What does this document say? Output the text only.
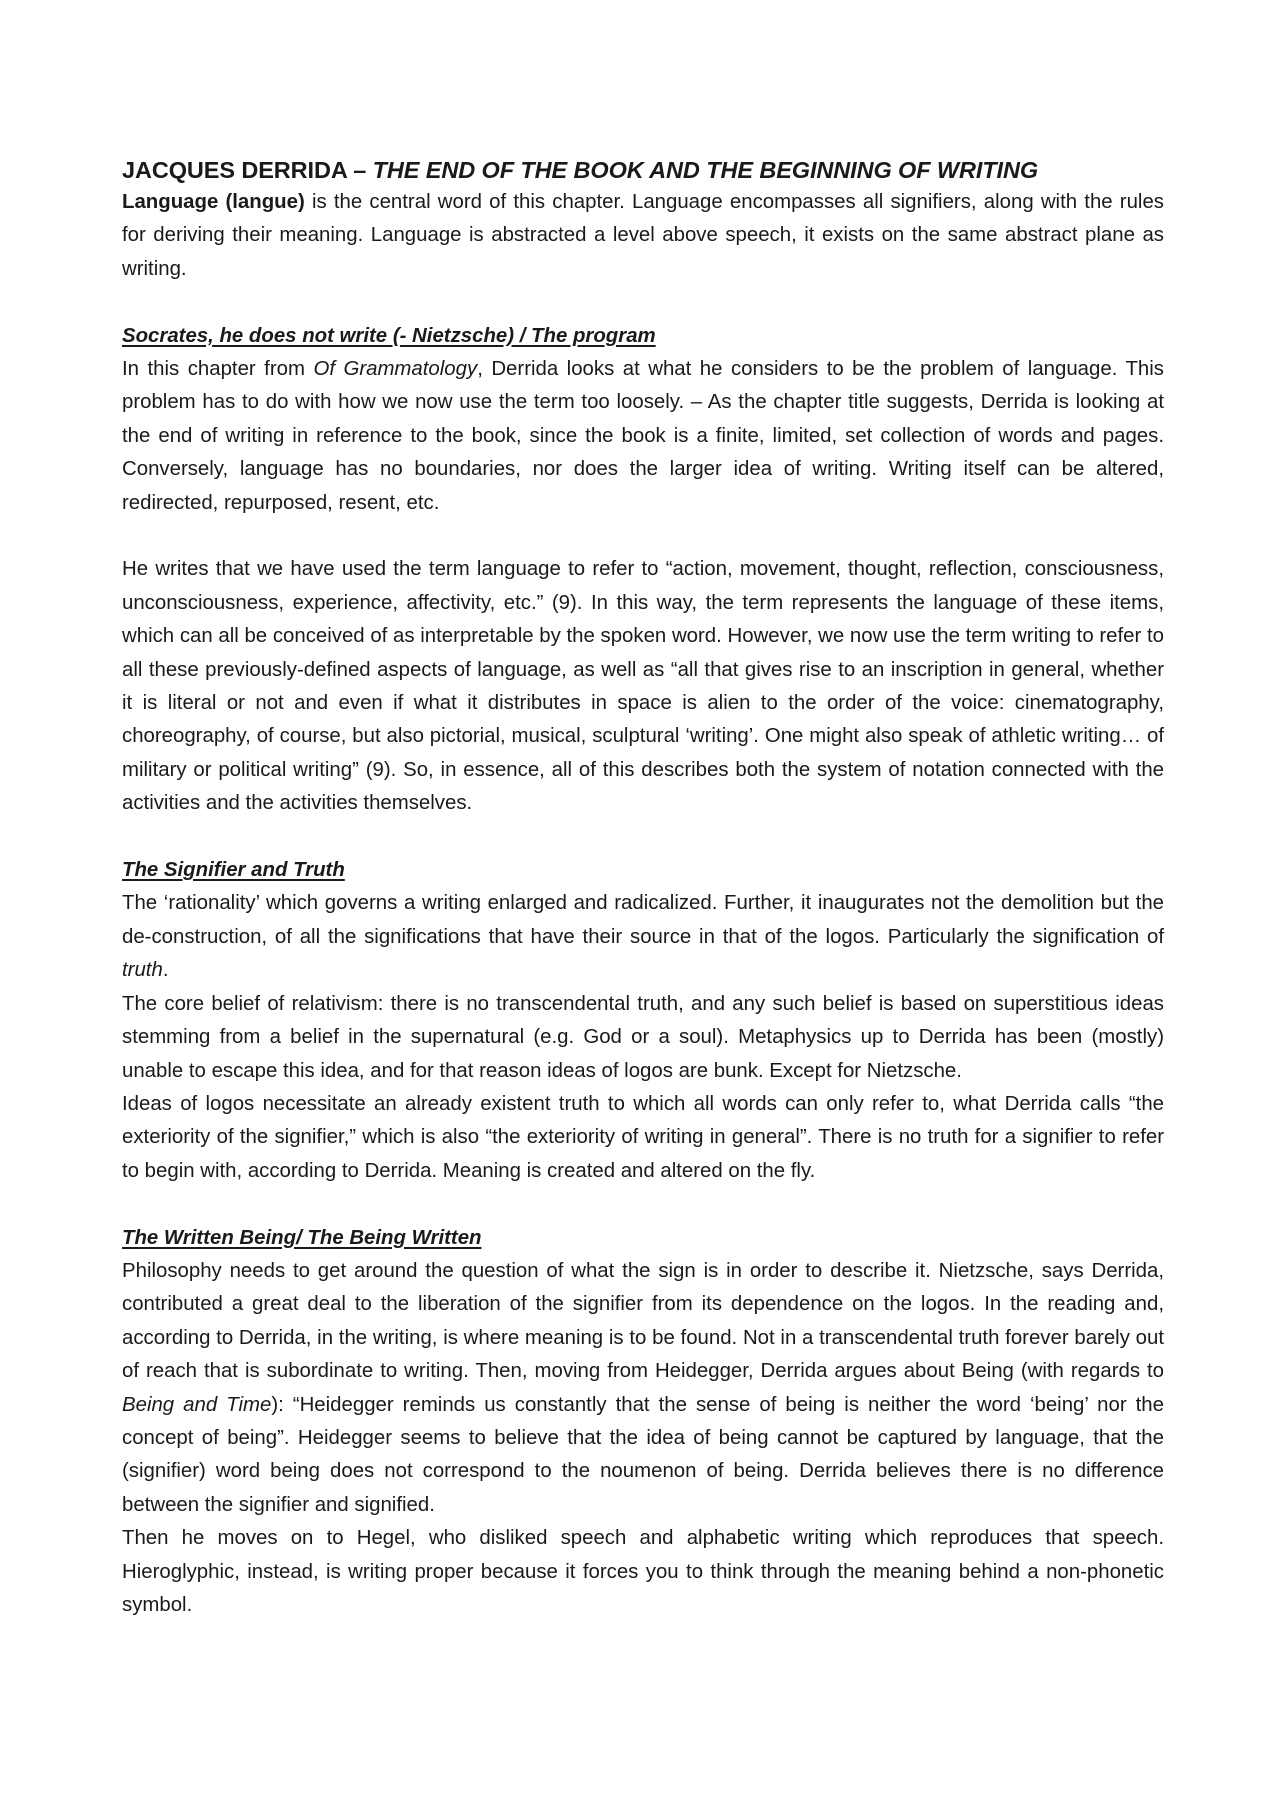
JACQUES DERRIDA – THE END OF THE BOOK AND THE BEGINNING OF WRITING

Language (langue) is the central word of this chapter. Language encompasses all signifiers, along with the rules for deriving their meaning. Language is abstracted a level above speech, it exists on the same abstract plane as writing.

Socrates, he does not write (- Nietzsche) / The program

In this chapter from Of Grammatology, Derrida looks at what he considers to be the problem of language. This problem has to do with how we now use the term too loosely. – As the chapter title suggests, Derrida is looking at the end of writing in reference to the book, since the book is a finite, limited, set collection of words and pages. Conversely, language has no boundaries, nor does the larger idea of writing. Writing itself can be altered, redirected, repurposed, resent, etc.

He writes that we have used the term language to refer to “action, movement, thought, reflection, consciousness, unconsciousness, experience, affectivity, etc.” (9). In this way, the term represents the language of these items, which can all be conceived of as interpretable by the spoken word. However, we now use the term writing to refer to all these previously-defined aspects of language, as well as “all that gives rise to an inscription in general, whether it is literal or not and even if what it distributes in space is alien to the order of the voice: cinematography, choreography, of course, but also pictorial, musical, sculptural ‘writing’. One might also speak of athletic writing… of military or political writing” (9). So, in essence, all of this describes both the system of notation connected with the activities and the activities themselves.

The Signifier and Truth

The ‘rationality’ which governs a writing enlarged and radicalized. Further, it inaugurates not the demolition but the de-construction, of all the significations that have their source in that of the logos. Particularly the signification of truth.

The core belief of relativism: there is no transcendental truth, and any such belief is based on superstitious ideas stemming from a belief in the supernatural (e.g. God or a soul). Metaphysics up to Derrida has been (mostly) unable to escape this idea, and for that reason ideas of logos are bunk. Except for Nietzsche.

Ideas of logos necessitate an already existent truth to which all words can only refer to, what Derrida calls “the exteriority of the signifier,” which is also “the exteriority of writing in general”. There is no truth for a signifier to refer to begin with, according to Derrida. Meaning is created and altered on the fly.

The Written Being/ The Being Written

Philosophy needs to get around the question of what the sign is in order to describe it. Nietzsche, says Derrida, contributed a great deal to the liberation of the signifier from its dependence on the logos. In the reading and, according to Derrida, in the writing, is where meaning is to be found. Not in a transcendental truth forever barely out of reach that is subordinate to writing. Then, moving from Heidegger, Derrida argues about Being (with regards to Being and Time): “Heidegger reminds us constantly that the sense of being is neither the word ‘being’ nor the concept of being”. Heidegger seems to believe that the idea of being cannot be captured by language, that the (signifier) word being does not correspond to the noumenon of being. Derrida believes there is no difference between the signifier and signified.

Then he moves on to Hegel, who disliked speech and alphabetic writing which reproduces that speech. Hieroglyphic, instead, is writing proper because it forces you to think through the meaning behind a non-phonetic symbol.
